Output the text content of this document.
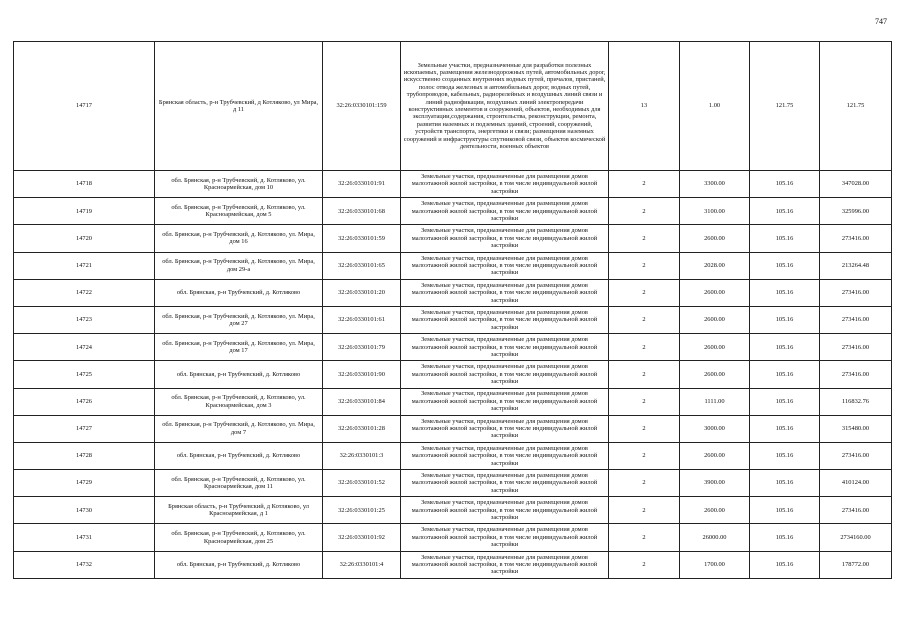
747
14717	Брянская область, р-н Трубчевский, д Котляково, ул Мира, д 11	32:26:0330101:159	Земельные участки, предназначенные для разработки полезных ископаемых, размещения железнодорожных путей, автомобильных дорог, искусственно созданных внутренних водных путей, причалов, пристаней, полос отвода железных и автомобильных дорог, водных путей, трубопроводов, кабельных, радиорелейных и воздушных линий связи и линий радиофикации, воздушных линий электропередачи конструктивных элементов и сооружений, объектов, необходимых для эксплуатации,содержания, строительства, реконструкции, ремонта, развития наземных и подземных зданий, строений, сооружений, устройств транспорта, энергетики и связи; размещения наземных сооружений и инфраструктуры спутниковой связи, объектов космической деятельности, военных объектов	13	1.00	121.75	121.75
14718	обл. Брянская, р-н Трубчевский, д. Котляково, ул. Красноармейская, дом 10	32:26:0330101:91	Земельные участки, предназначенные для размещения домов малоэтажной жилой застройки, в том числе индивидуальной жилой застройки	2	3300.00	105.16	347028.00
14719	обл. Брянская, р-н Трубчевский, д. Котляково, ул. Красноармейская, дом 5	32:26:0330101:68	Земельные участки, предназначенные для размещения домов малоэтажной жилой застройки, в том числе индивидуальной жилой застройки	2	3100.00	105.16	325996.00
14720	обл. Брянская, р-н Трубчевский, д. Котляково, ул. Мира, дом 16	32:26:0330101:59	Земельные участки, предназначенные для размещения домов малоэтажной жилой застройки, в том числе индивидуальной жилой застройки	2	2600.00	105.16	273416.00
14721	обл. Брянская, р-н Трубчевский, д. Котляково, ул. Мира, дом 29-а	32:26:0330101:65	Земельные участки, предназначенные для размещения домов малоэтажной жилой застройки, в том числе индивидуальной жилой застройки	2	2028.00	105.16	213264.48
14722	обл. Брянская, р-н Трубчевский, д. Котляково	32:26:0330101:20	Земельные участки, предназначенные для размещения домов малоэтажной жилой застройки, в том числе индивидуальной жилой застройки	2	2600.00	105.16	273416.00
14723	обл. Брянская, р-н Трубчевский, д. Котляково, ул. Мира, дом 27	32:26:0330101:61	Земельные участки, предназначенные для размещения домов малоэтажной жилой застройки, в том числе индивидуальной жилой застройки	2	2600.00	105.16	273416.00
14724	обл. Брянская, р-н Трубчевский, д. Котляково, ул. Мира, дом 17	32:26:0330101:79	Земельные участки, предназначенные для размещения домов малоэтажной жилой застройки, в том числе индивидуальной жилой застройки	2	2600.00	105.16	273416.00
14725	обл. Брянская, р-н Трубчевский, д. Котляково	32:26:0330101:90	Земельные участки, предназначенные для размещения домов малоэтажной жилой застройки, в том числе индивидуальной жилой застройки	2	2600.00	105.16	273416.00
14726	обл. Брянская, р-н Трубчевский, д. Котляково, ул. Красноармейская, дом 3	32:26:0330101:84	Земельные участки, предназначенные для размещения домов малоэтажной жилой застройки, в том числе индивидуальной жилой застройки	2	1111.00	105.16	116832.76
14727	обл. Брянская, р-н Трубчевский, д. Котляково, ул. Мира, дом 7	32:26:0330101:28	Земельные участки, предназначенные для размещения домов малоэтажной жилой застройки, в том числе индивидуальной жилой застройки	2	3000.00	105.16	315480.00
14728	обл. Брянская, р-н Трубчевский, д. Котляково	32:26:0330101:3	Земельные участки, предназначенные для размещения домов малоэтажной жилой застройки, в том числе индивидуальной жилой застройки	2	2600.00	105.16	273416.00
14729	обл. Брянская, р-н Трубчевский, д. Котляково, ул. Красноармейская, дом 11	32:26:0330101:52	Земельные участки, предназначенные для размещения домов малоэтажной жилой застройки, в том числе индивидуальной жилой застройки	2	3900.00	105.16	410124.00
14730	Брянская область, р-н Трубчевский, д Котляково, ул Красноармейская, д 1	32:26:0330101:25	Земельные участки, предназначенные для размещения домов малоэтажной жилой застройки, в том числе индивидуальной жилой застройки	2	2600.00	105.16	273416.00
14731	обл. Брянская, р-н Трубчевский, д. Котляково, ул. Красноармейская, дом 25	32:26:0330101:92	Земельные участки, предназначенные для размещения домов малоэтажной жилой застройки, в том числе индивидуальной жилой застройки	2	26000.00	105.16	2734160.00
14732	обл. Брянская, р-н Трубчевский, д. Котляково	32:26:0330101:4	Земельные участки, предназначенные для размещения домов малоэтажной жилой застройки, в том числе индивидуальной жилой застройки	2	1700.00	105.16	178772.00
